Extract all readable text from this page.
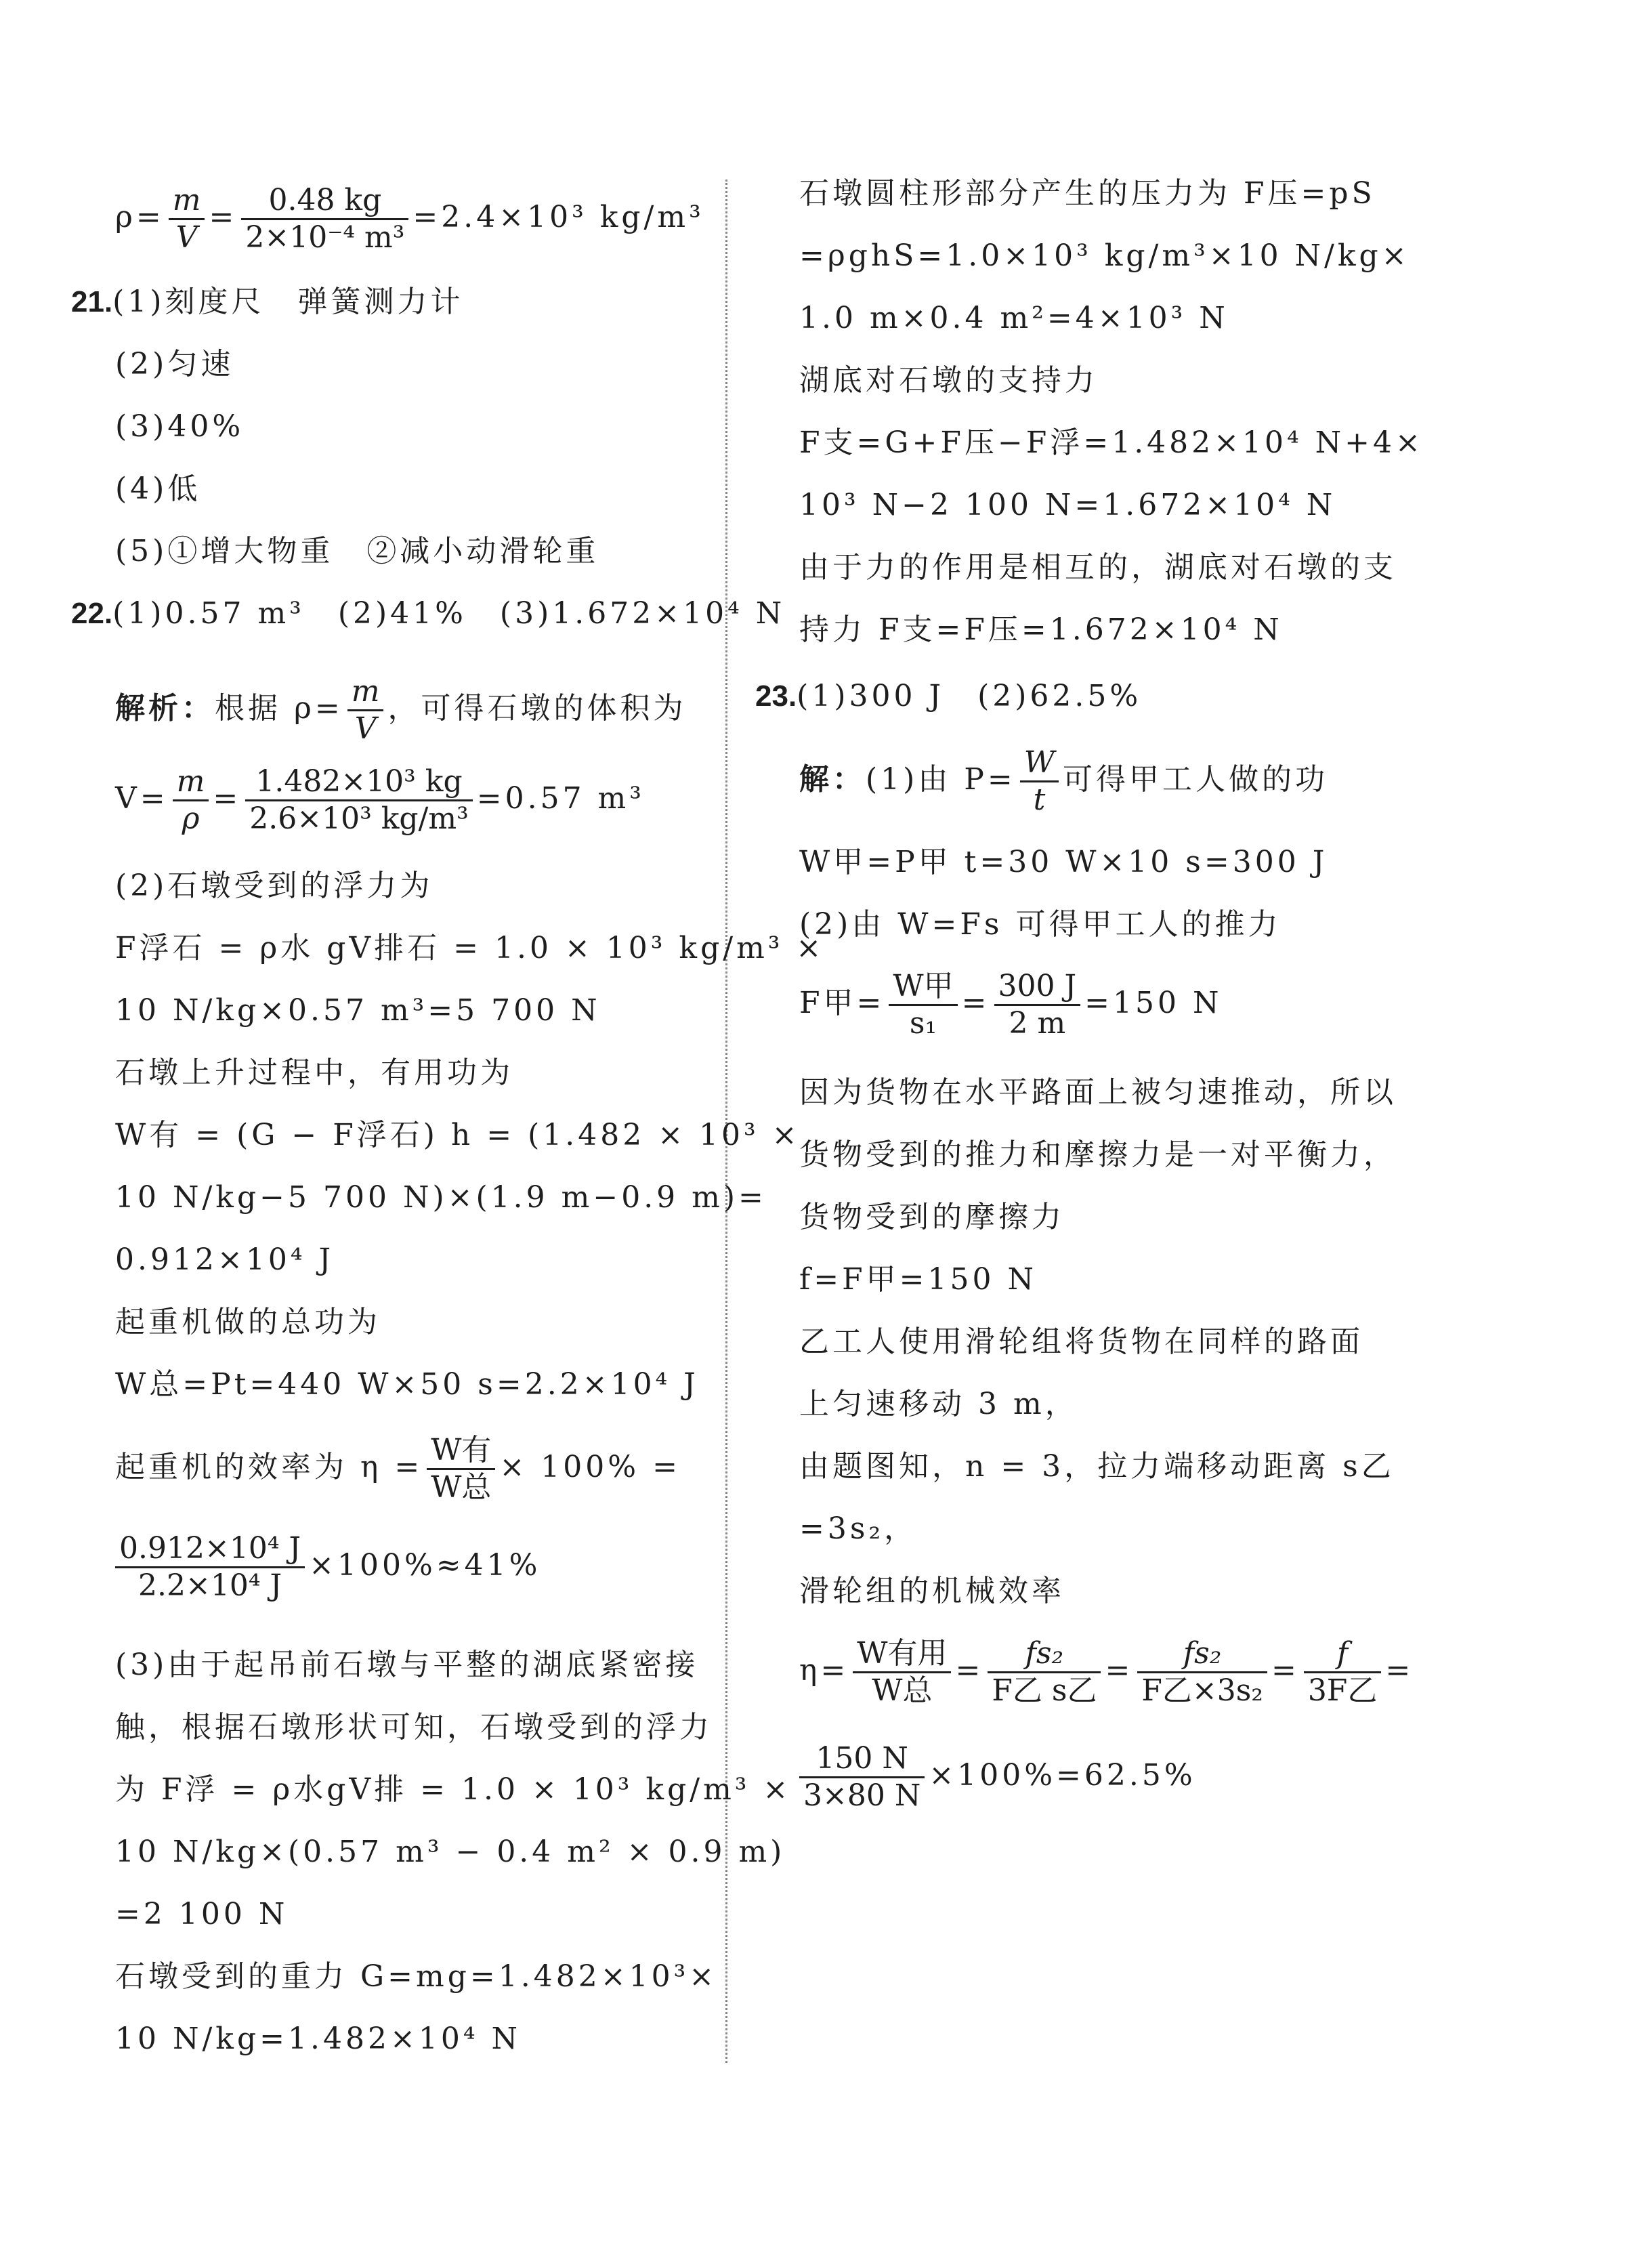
$\rho= \frac{m}{V} = \frac{0.48 kg}{\text{2×10⁻⁴ m³}} =2.4\times 10^3$ kg/m³
21.(1)刻度尺　弹簧测力计
(2)匀速
(3)40%
(4)低
(5)①增大物重　②减小动滑轮重
22.(1)0.57 m³　(2)41%　(3)1.672×10⁴ N
解析：根据 $\rho= \frac{m}{V}$ ，可得石墩的体积为
$V= \frac{m}{\rho} = \frac{\text{1.482×10³ kg}}{\text{2.6×10³ kg/m³}} =0.57$ m³
(2)石墩受到的浮力为
F浮石 = ρ水 gV排石 = 1.0 × 10³ kg/m³ ×
10 N/kg×0.57 m³=5 700 N
石墩上升过程中，有用功为
W有 = (G − F浮石) h = (1.482 × 10³ ×
10 N/kg−5 700 N)×(1.9 m−0.9 m)=
0.912×10⁴ J
起重机做的总功为
W总=Pt=440 W×50 s=2.2×10⁴ J
起重机的效率为 $\eta = \frac{\text{W有}}{\text{W总}} \times 100\%$ =
$\frac{\text{0.912×10⁴ J}}{\text{2.2×10⁴ J}} \times 100\%\approx 41\%$
(3)由于起吊前石墩与平整的湖底紧密接
触，根据石墩形状可知，石墩受到的浮力
为 F浮 = ρ水gV排 = 1.0 × 10³ kg/m³ ×
10 N/kg×(0.57 m³ − 0.4 m² × 0.9 m)
=2 100 N
石墩受到的重力 G=mg=1.482×10³×
10 N/kg=1.482×10⁴ N
石墩圆柱形部分产生的压力为 F压=pS
=ρghS=1.0×10³ kg/m³×10 N/kg×
1.0 m×0.4 m²=4×10³ N
湖底对石墩的支持力
F支=G+F压−F浮=1.482×10⁴ N+4×
10³ N−2 100 N=1.672×10⁴ N
由于力的作用是相互的，湖底对石墩的支
持力 F支=F压=1.672×10⁴ N
23.(1)300 J　(2)62.5%
解：(1)由 $P= \frac{W}{t}$ 可得甲工人做的功
W甲=P甲 t=30 W×10 s=300 J
(2)由 W=Fs 可得甲工人的推力
F甲= $\frac{\text{W甲}}{\text{s₁}} = \frac{300 J}{2 m} =150$ N
因为货物在水平路面上被匀速推动，所以
货物受到的推力和摩擦力是一对平衡力，
货物受到的摩擦力
f=F甲=150 N
乙工人使用滑轮组将货物在同样的路面
上匀速移动 3 m，
由题图知，n = 3，拉力端移动距离 s乙
=3s₂，
滑轮组的机械效率
$\eta= \frac{\text{W有用}}{\text{W总}} = \frac{\text{fs₂}}{\text{F乙 s乙}} = \frac{\text{fs₂}}{\text{F乙×3s₂}} = \frac{f}{\text{3F乙}}$ =
$\frac{150 N}{3\times 80 N} \times 100\%=62.5\%$
